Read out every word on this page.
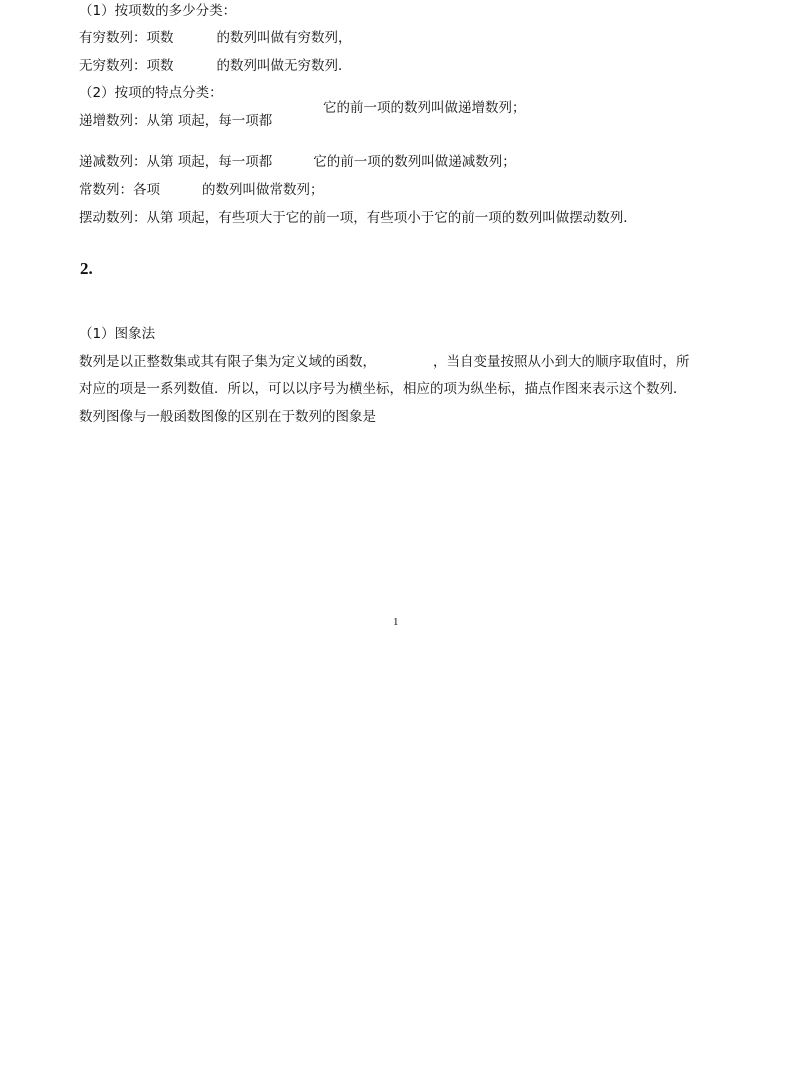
（1）按项数的多少分类：
有穷数列：项数	的数列叫做有穷数列，
无穷数列：项数	的数列叫做无穷数列．
（2）按项的特点分类：
递增数列：从第 项起，每一项都
它的前一项的数列叫做递增数列；
递减数列：从第 项起，每一项都	它的前一项的数列叫做递减数列；
常数列：各项	的数列叫做常数列；
摆动数列：从第 项起，有些项大于它的前一项，有些项小于它的前一项的数列叫做摆动数列．
2.
（1）图象法
数列是以正整数集或其有限子集为定义域的函数，	，当自变量按照从小到大的顺序取值时，所
对应的项是一系列数值．所以，可以以序号为横坐标，相应的项为纵坐标，描点作图来表示这个数列．
数列图像与一般函数图像的区别在于数列的图象是
1
